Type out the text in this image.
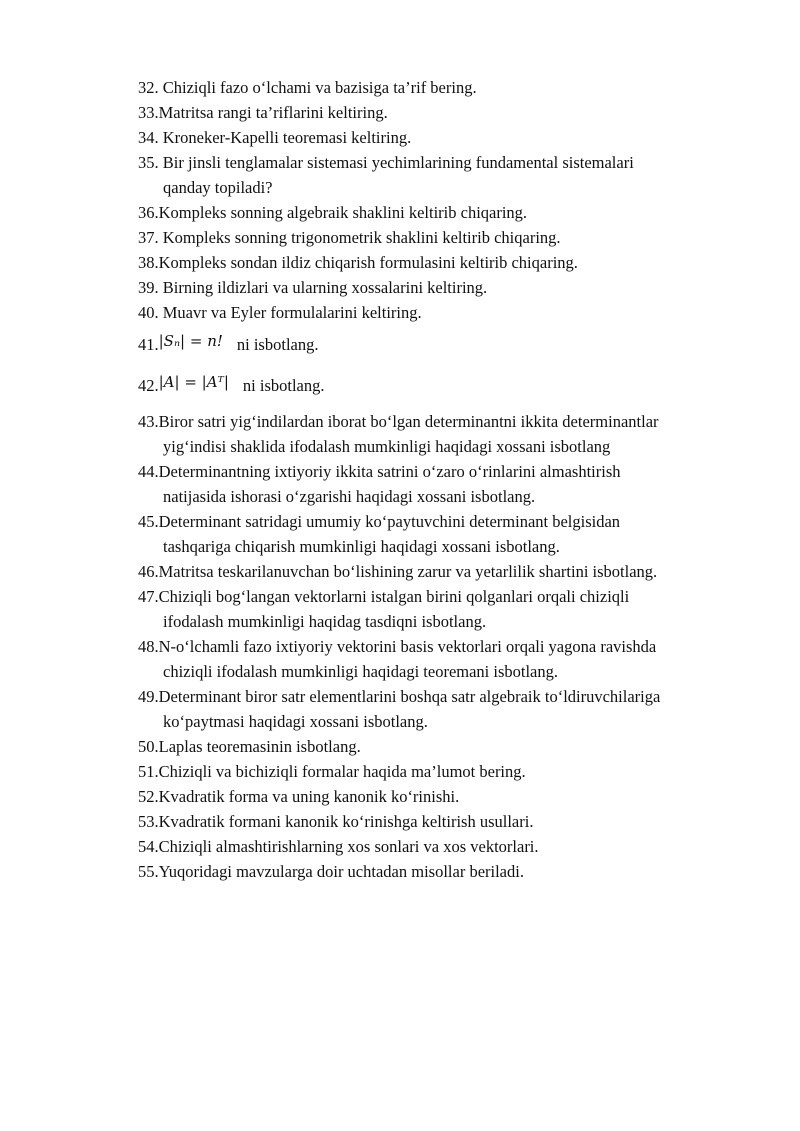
32. Chiziqli fazo o‘lchami va bazisiga ta’rif bering.
33.Matritsa rangi ta’riflarini keltiring.
34. Kroneker-Kapelli teoremasi keltiring.
35. Bir jinsli tenglamalar sistemasi yechimlarining fundamental sistemalari

qanday topiladi?
36.Kompleks sonning algebraik shaklini keltirib chiqaring.
37. Kompleks sonning trigonometrik shaklini keltirib chiqaring.
38.Kompleks sondan ildiz chiqarish formulasini keltirib chiqaring.
39. Birning ildizlari va ularning xossalarini keltiring.
40. Muavr va Eyler formulalarini keltiring.
41.|Sₙ| = n! ni isbotlang.
42.|A| = |Aᵀ| ni isbotlang.
43.Biror satri yig‘indilardan iborat bo‘lgan determinantni ikkita determinantlar

yig‘indisi shaklida ifodalash mumkinligi haqidagi xossani isbotlang
44.Determinantning ixtiyoriy ikkita satrini o‘zaro o‘rinlarini almashtirish

natijasida ishorasi o‘zgarishi haqidagi xossani isbotlang.
45.Determinant satridagi umumiy ko‘paytuvchini determinant belgisidan

tashqariga chiqarish mumkinligi haqidagi xossani isbotlang.
46.Matritsa teskarilanuvchan bo‘lishining zarur va yetarlilik shartini isbotlang.
47.Chiziqli bog‘langan vektorlarni istalgan birini qolganlari orqali chiziqli

ifodalash mumkinligi haqidag tasdiqni isbotlang.
48.N-o‘lchamli fazo ixtiyoriy vektorini basis vektorlari orqali yagona ravishda

chiziqli ifodalash mumkinligi haqidagi teoremani isbotlang.
49.Determinant biror satr elementlarini boshqa satr algebraik to‘ldiruvchilariga

ko‘paytmasi haqidagi xossani isbotlang.
50.Laplas teoremasinin isbotlang.
51.Chiziqli va bichiziqli formalar haqida ma’lumot bering.
52.Kvadratik forma va uning kanonik ko‘rinishi.
53.Kvadratik formani kanonik ko‘rinishga keltirish usullari.
54.Chiziqli almashtirishlarning xos sonlari va xos vektorlari.
55.Yuqoridagi mavzularga doir uchtadan misollar beriladi.
